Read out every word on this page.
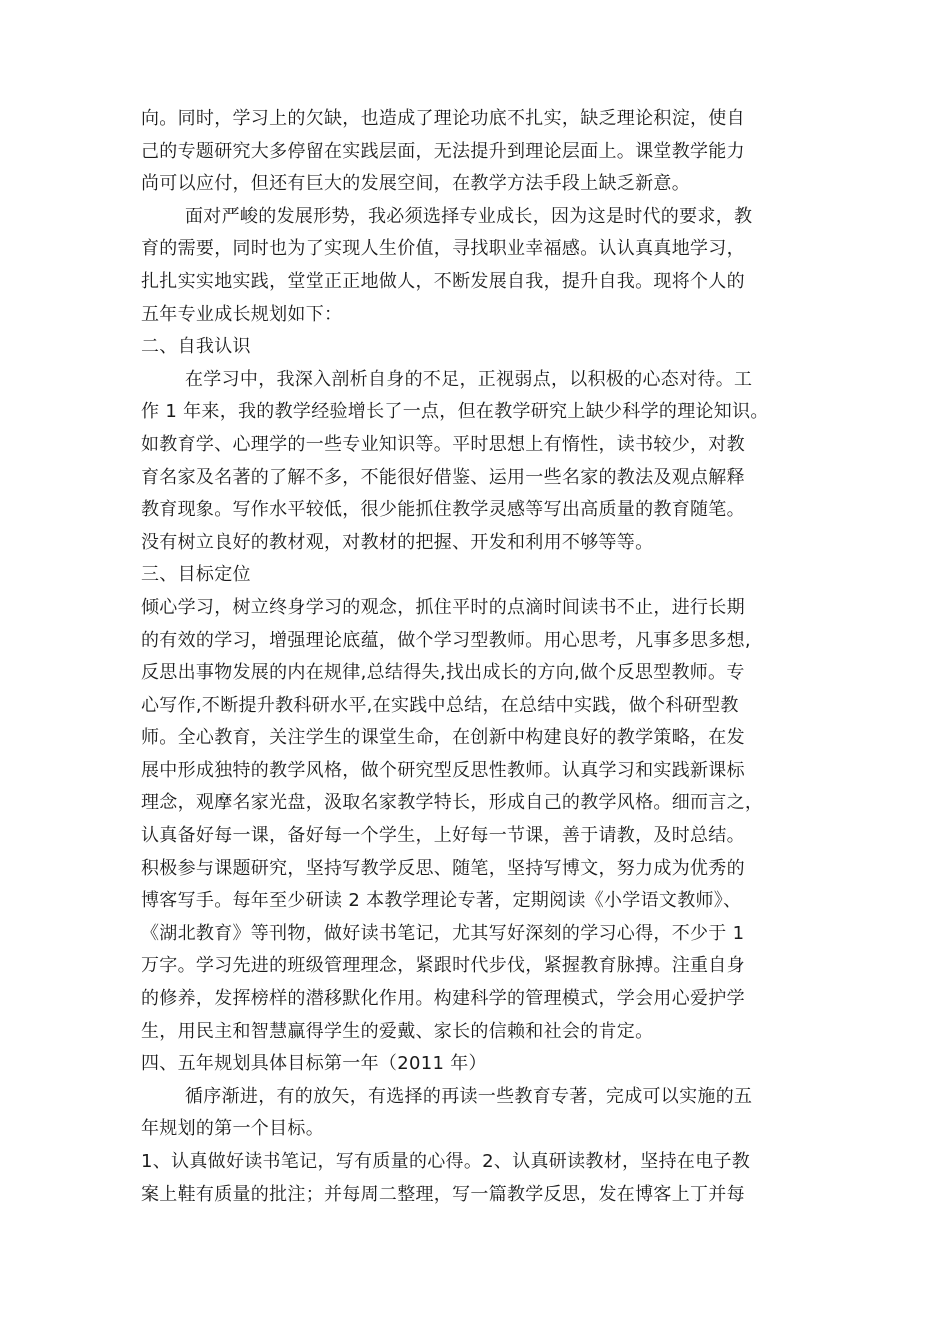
向。同时，学习上的欠缺，也造成了理论功底不扎实，缺乏理论积淀，使自
己的专题研究大多停留在实践层面，无法提升到理论层面上。课堂教学能力
尚可以应付，但还有巨大的发展空间，在教学方法手段上缺乏新意。
面对严峻的发展形势，我必须选择专业成长，因为这是时代的要求，教
育的需要，同时也为了实现人生价值，寻找职业幸福感。认认真真地学习，
扎扎实实地实践，堂堂正正地做人，不断发展自我，提升自我。现将个人的
五年专业成长规划如下：
二、自我认识
在学习中，我深入剖析自身的不足，正视弱点，以积极的心态对待。工
作 1 年来，我的教学经验增长了一点，但在教学研究上缺少科学的理论知识。
如教育学、心理学的一些专业知识等。平时思想上有惰性，读书较少，对教
育名家及名著的了解不多，不能很好借鉴、运用一些名家的教法及观点解释
教育现象。写作水平较低，很少能抓住教学灵感等写出高质量的教育随笔。
没有树立良好的教材观，对教材的把握、开发和利用不够等等。
三、目标定位
倾心学习，树立终身学习的观念，抓住平时的点滴时间读书不止，进行长期
的有效的学习，增强理论底蕴，做个学习型教师。用心思考，凡事多思多想,
反思出事物发展的内在规律,总结得失,找出成长的方向,做个反思型教师。专
心写作,不断提升教科研水平,在实践中总结，在总结中实践，做个科研型教
师。全心教育，关注学生的课堂生命，在创新中构建良好的教学策略，在发
展中形成独特的教学风格，做个研究型反思性教师。认真学习和实践新课标
理念，观摩名家光盘，汲取名家教学特长，形成自己的教学风格。细而言之，
认真备好每一课，备好每一个学生，上好每一节课，善于请教，及时总结。
积极参与课题研究，坚持写教学反思、随笔，坚持写博文，努力成为优秀的
博客写手。每年至少研读 2 本教学理论专著，定期阅读《小学语文教师》、
《湖北教育》等刊物，做好读书笔记，尤其写好深刻的学习心得，不少于 1
万字。学习先进的班级管理理念，紧跟时代步伐，紧握教育脉搏。注重自身
的修养，发挥榜样的潜移默化作用。构建科学的管理模式，学会用心爱护学
生，用民主和智慧赢得学生的爱戴、家长的信赖和社会的肯定。
四、五年规划具体目标第一年（2011 年）
循序渐进，有的放矢，有选择的再读一些教育专著，完成可以实施的五
年规划的第一个目标。
1、认真做好读书笔记，写有质量的心得。2、认真研读教材，坚持在电子教
案上鞋有质量的批注；并每周二整理，写一篇教学反思，发在博客上丁并每
